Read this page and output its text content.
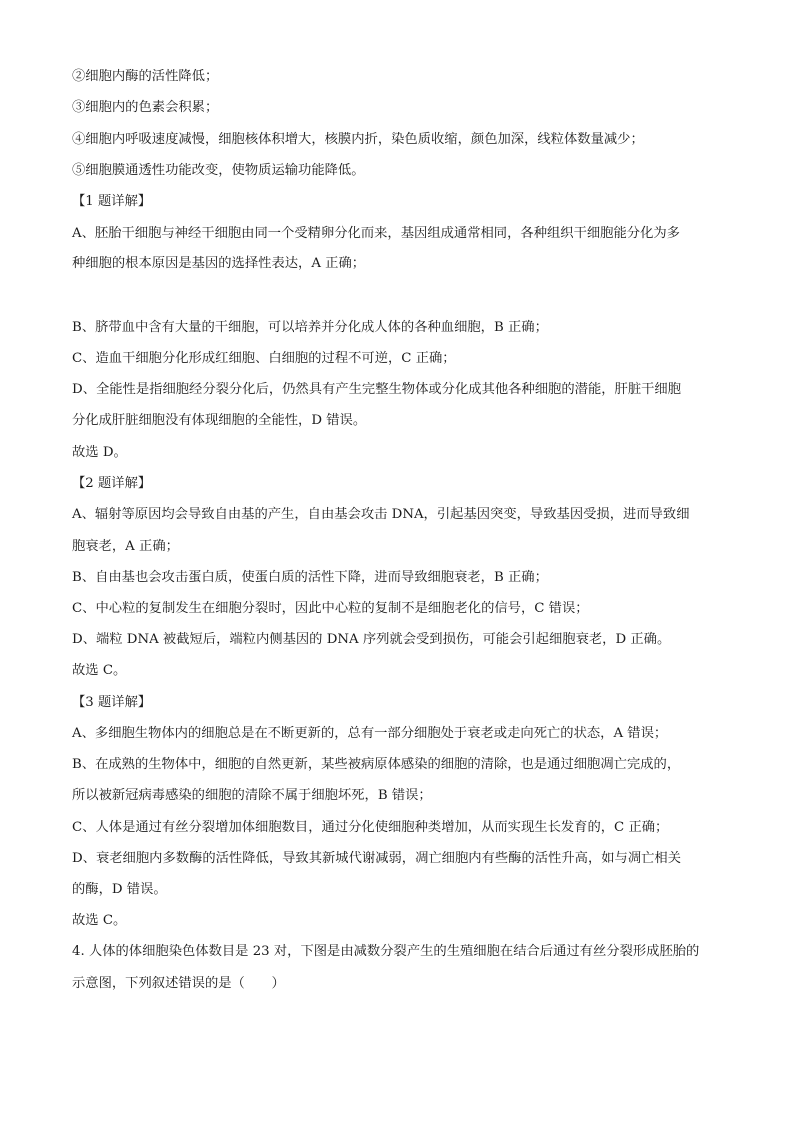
②细胞内酶的活性降低；
③细胞内的色素会积累；
④细胞内呼吸速度减慢，细胞核体积增大，核膜内折，染色质收缩，颜色加深，线粒体数量减少；
⑤细胞膜通透性功能改变，使物质运输功能降低。
【1 题详解】
A、胚胎干细胞与神经干细胞由同一个受精卵分化而来，基因组成通常相同，各种组织干细胞能分化为多
种细胞的根本原因是基因的选择性表达，A 正确；
B、脐带血中含有大量的干细胞，可以培养并分化成人体的各种血细胞，B 正确；
C、造血干细胞分化形成红细胞、白细胞的过程不可逆，C 正确；
D、全能性是指细胞经分裂分化后，仍然具有产生完整生物体或分化成其他各种细胞的潜能，肝脏干细胞
分化成肝脏细胞没有体现细胞的全能性，D 错误。
故选 D。
【2 题详解】
A、辐射等原因均会导致自由基的产生，自由基会攻击 DNA，引起基因突变，导致基因受损，进而导致细
胞衰老，A 正确；
B、自由基也会攻击蛋白质，使蛋白质的活性下降，进而导致细胞衰老，B 正确；
C、中心粒的复制发生在细胞分裂时，因此中心粒的复制不是细胞老化的信号，C 错误；
D、端粒 DNA 被截短后，端粒内侧基因的 DNA 序列就会受到损伤，可能会引起细胞衰老，D 正确。
故选 C。
【3 题详解】
A、多细胞生物体内的细胞总是在不断更新的，总有一部分细胞处于衰老或走向死亡的状态，A 错误；
B、在成熟的生物体中，细胞的自然更新，某些被病原体感染的细胞的清除，也是通过细胞凋亡完成的，
所以被新冠病毒感染的细胞的清除不属于细胞坏死，B 错误；
C、人体是通过有丝分裂增加体细胞数目，通过分化使细胞种类增加，从而实现生长发育的，C 正确；
D、衰老细胞内多数酶的活性降低，导致其新城代谢减弱，凋亡细胞内有些酶的活性升高，如与凋亡相关
的酶，D 错误。
故选 C。
4. 人体的体细胞染色体数目是 23 对，下图是由减数分裂产生的生殖细胞在结合后通过有丝分裂形成胚胎的
示意图，下列叙述错误的是（　　）
